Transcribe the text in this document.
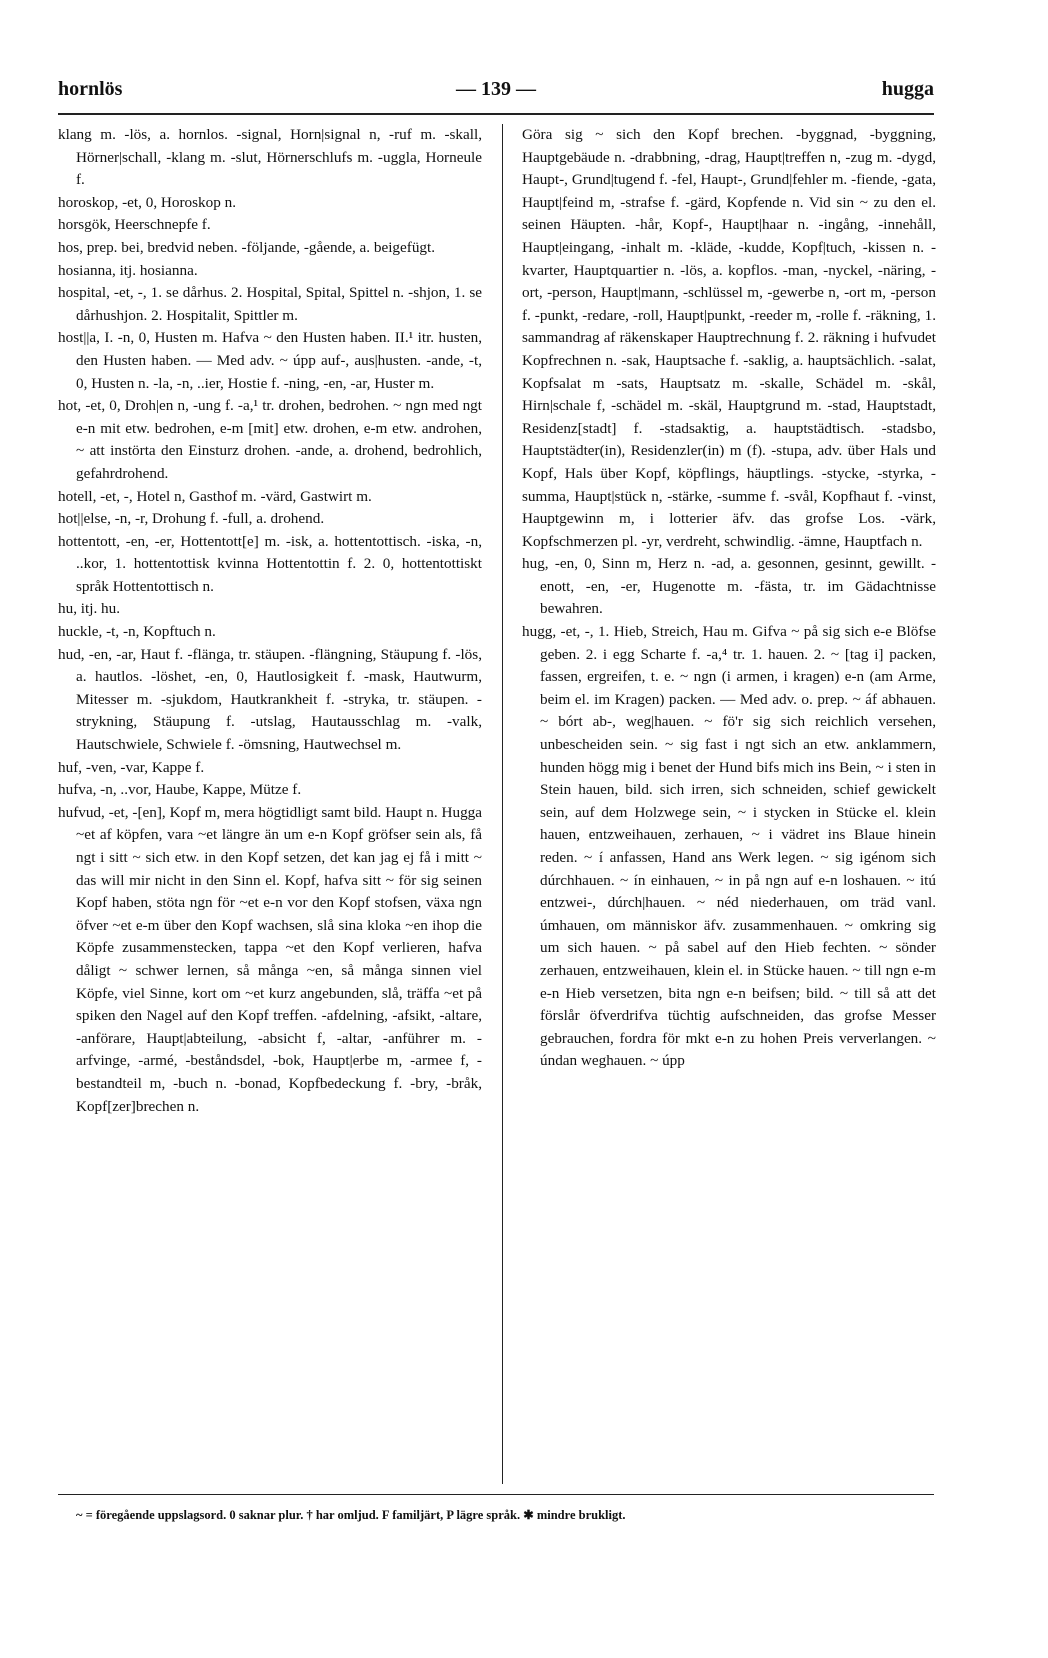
hornlös	— 139 —	hugga

klang m. -lös, a. hornlos. -signal, Horn|signal n, -ruf m. -skall, Hörner|schall, -klang m. -slut, Hörnerschlufs m. -uggla, Horneule f.

horoskop, -et, 0, Horoskop n.

horsgök, Heerschnepfe f.

hos, prep. bei, bredvid neben. -följande, -gående, a. beigefügt.

hosianna, itj. hosianna.

hospital, -et, -, 1. se dårhus. 2. Hospital, Spital, Spittel n. -shjon, 1. se dårhushjon. 2. Hospitalit, Spittler m.

host||a, I. -n, 0, Husten m. Hafva ~ den Husten haben. II.¹ itr. husten, den Husten haben. — Med adv. ~ úpp auf-, aus|husten. -ande, -t, 0, Husten n. -la, -n, ..ier, Hostie f. -ning, -en, -ar, Huster m.

hot, -et, 0, Droh|en n, -ung f. -a,¹ tr. drohen, bedrohen. ~ ngn med ngt e-n mit etw. bedrohen, e-m [mit] etw. drohen, e-m etw. androhen, ~ att instörta den Einsturz drohen. -ande, a. drohend, bedrohlich, gefahrdrohend.

hotell, -et, -, Hotel n, Gasthof m. -värd, Gastwirt m.

hot||else, -n, -r, Drohung f. -full, a. drohend.

hottentott, -en, -er, Hottentott[e] m. -isk, a. hottentottisch. -iska, -n, ..kor, 1. hottentottisk kvinna Hottentottin f. 2. 0, hottentottiskt språk Hottentottisch n.

hu, itj. hu.

huckle, -t, -n, Kopftuch n.

hud, -en, -ar, Haut f. -flänga, tr. stäupen. -flängning, Stäupung f. -lös, a. hautlos. -löshet, -en, 0, Hautlosigkeit f. -mask, Hautwurm, Mitesser m. -sjukdom, Hautkrankheit f. -stryka, tr. stäupen. -strykning, Stäupung f. -utslag, Hautausschlag m. -valk, Hautschwiele, Schwiele f. -ömsning, Hautwechsel m.

huf, -ven, -var, Kappe f.

hufva, -n, ..vor, Haube, Kappe, Mütze f.

hufvud, -et, -[en], Kopf m, mera högtidligt samt bild. Haupt n. Hugga ~et af köpfen, vara ~et längre än um e-n Kopf gröfser sein als, få ngt i sitt ~ sich etw. in den Kopf setzen, det kan jag ej få i mitt ~ das will mir nicht in den Sinn el. Kopf, hafva sitt ~ för sig seinen Kopf haben, stöta ngn för ~et e-n vor den Kopf stofsen, växa ngn öfver ~et e-m über den Kopf wachsen, slå sina kloka ~en ihop die Köpfe zusammenstecken, tappa ~et den Kopf verlieren, hafva dåligt ~ schwer lernen, så många ~en, så många sinnen viel Köpfe, viel Sinne, kort om ~et kurz angebunden, slå, träffa ~et på spiken den Nagel auf den Kopf treffen. -afdelning, -afsikt, -altare, -anförare, Haupt|abteilung, -absicht f, -altar, -anführer m. -arfvinge, -armé, -beståndsdel, -bok, Haupt|erbe m, -armee f, -bestandteil m, -buch n. -bonad, Kopfbedeckung f. -bry, -bråk, Kopf[zer]brechen n.

Göra sig ~ sich den Kopf brechen. -byggnad, -byggning, Hauptgebäude n. -drabbning, -drag, Haupt|treffen n, -zug m. -dygd, Haupt-, Grund|tugend f. -fel, Haupt-, Grund|fehler m. -fiende, -gata, Haupt|feind m, -strafse f. -gärd, Kopfende n. Vid sin ~ zu den el. seinen Häupten. -hår, Kopf-, Haupt|haar n. -ingång, -innehåll, Haupt|eingang, -inhalt m. -kläde, -kudde, Kopf|tuch, -kissen n. -kvarter, Hauptquartier n. -lös, a. kopflos. -man, -nyckel, -näring, -ort, -person, Haupt|mann, -schlüssel m, -gewerbe n, -ort m, -person f. -punkt, -redare, -roll, Haupt|punkt, -reeder m, -rolle f. -räkning, 1. sammandrag af räkenskaper Hauptrechnung f. 2. räkning i hufvudet Kopfrechnen n. -sak, Hauptsache f. -saklig, a. hauptsächlich. -salat, Kopfsalat m -sats, Hauptsatz m. -skalle, Schädel m. -skål, Hirn|schale f, -schädel m. -skäl, Hauptgrund m. -stad, Hauptstadt, Residenz[stadt] f. -stadsaktig, a. hauptstädtisch. -stadsbo, Hauptstädter(in), Residenzler(in) m (f). -stupa, adv. über Hals und Kopf, Hals über Kopf, köpflings, häuptlings. -stycke, -styrka, -summa, Haupt|stück n, -stärke, -summe f. -svål, Kopfhaut f. -vinst, Hauptgewinn m, i lotterier äfv. das grofse Los. -värk, Kopfschmerzen pl. -yr, verdreht, schwindlig. -ämne, Hauptfach n.

hug, -en, 0, Sinn m, Herz n. -ad, a. gesonnen, gesinnt, gewillt. -enott, -en, -er, Hugenotte m. -fästa, tr. im Gädachtnisse bewahren.

hugg, -et, -, 1. Hieb, Streich, Hau m. Gifva ~ på sig sich e-e Blöfse geben. 2. i egg Scharte f. -a,⁴ tr. 1. hauen. 2. ~ [tag i] packen, fassen, ergreifen, t. e. ~ ngn (i armen, i kragen) e-n (am Arme, beim el. im Kragen) packen. — Med adv. o. prep. ~ áf abhauen. ~ bórt ab-, weg|hauen. ~ fö'r sig sich reichlich versehen, unbescheiden sein. ~ sig fast i ngt sich an etw. anklammern, hunden högg mig i benet der Hund bifs mich ins Bein, ~ i sten in Stein hauen, bild. sich irren, sich schneiden, schief gewickelt sein, auf dem Holzwege sein, ~ i stycken in Stücke el. klein hauen, entzweihauen, zerhauen, ~ i vädret ins Blaue hinein reden. ~ í anfassen, Hand ans Werk legen. ~ sig igénom sich dúrchhauen. ~ ín einhauen, ~ in på ngn auf e-n loshauen. ~ itú entzwei-, dúrch|hauen. ~ néd niederhauen, om träd vanl. úmhauen, om människor äfv. zusammenhauen. ~ omkring sig um sich hauen. ~ på sabel auf den Hieb fechten. ~ sönder zerhauen, entzweihauen, klein el. in Stücke hauen. ~ till ngn e-m e-n Hieb versetzen, bita ngn e-n beifsen; bild. ~ till så att det förslår öfverdrifva tüchtig aufschneiden, das grofse Messer gebrauchen, fordra för mkt e-n zu hohen Preis ververlangen. ~ úndan weghauen. ~ úpp

~ = föregående uppslagsord. 0 saknar plur. † har omljud. F familjärt, P lägre språk. ✱ mindre brukligt.
